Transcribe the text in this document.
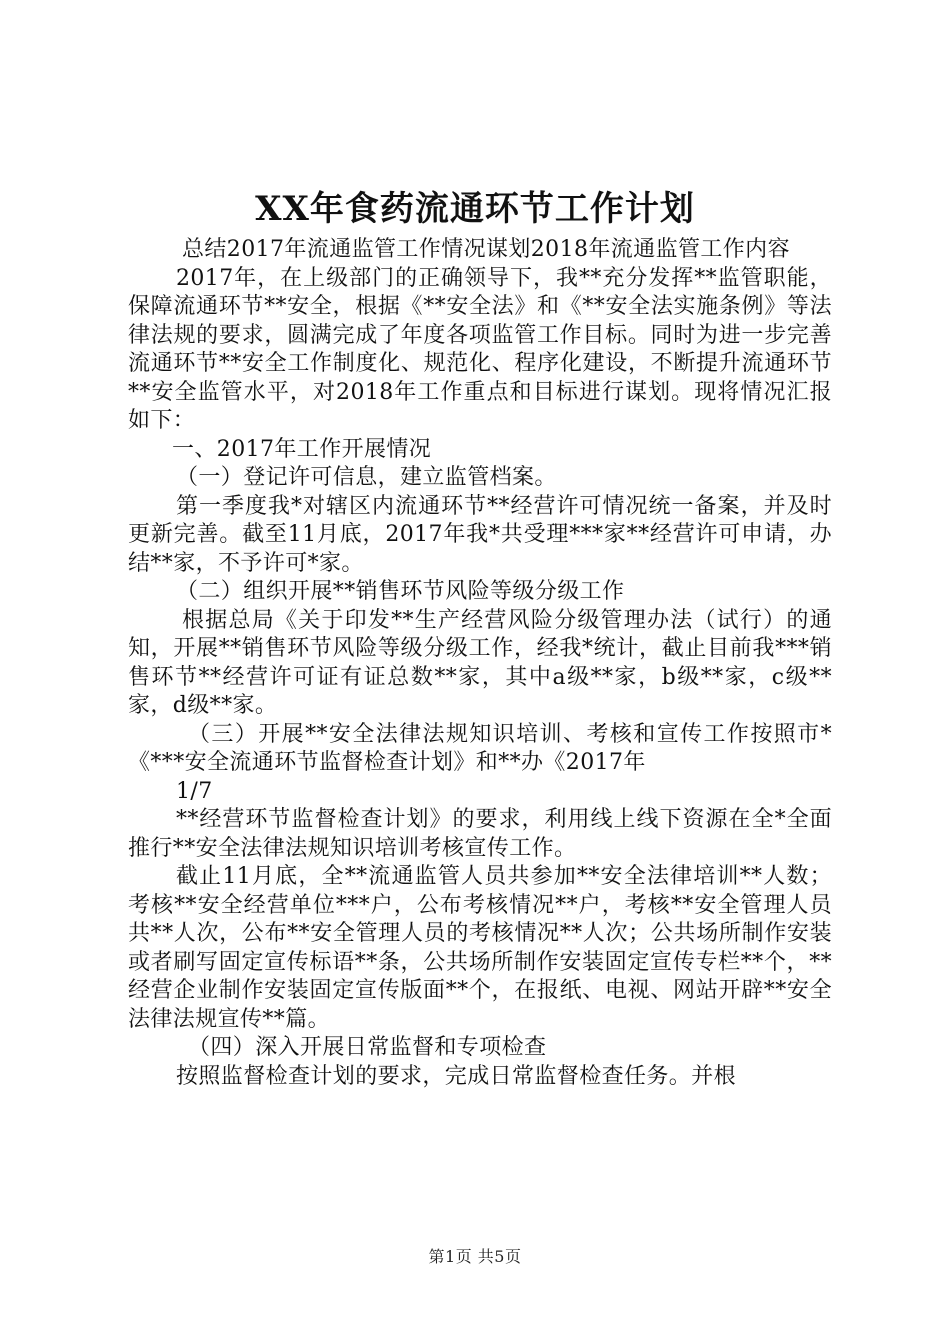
XX年食药流通环节工作计划

总结2017年流通监管工作情况谋划2018年流通监管工作内容

2017年，在上级部门的正确领导下，我**充分发挥**监管职能，保障流通环节**安全，根据《**安全法》和《**安全法实施条例》等法律法规的要求，圆满完成了年度各项监管工作目标。同时为进一步完善流通环节**安全工作制度化、规范化、程序化建设，不断提升流通环节**安全监管水平，对2018年工作重点和目标进行谋划。现将情况汇报如下：

一、2017年工作开展情况

（一）登记许可信息，建立监管档案。

第一季度我*对辖区内流通环节**经营许可情况统一备案，并及时更新完善。截至11月底，2017年我*共受理***家**经营许可申请，办结**家，不予许可*家。

（二）组织开展**销售环节风险等级分级工作

根据总局《关于印发**生产经营风险分级管理办法（试行）的通知，开展**销售环节风险等级分级工作，经我*统计，截止目前我***销售环节**经营许可证有证总数**家，其中a级**家，b级**家，c级**家，d级**家。

（三）开展**安全法律法规知识培训、考核和宣传工作按照市*《***安全流通环节监督检查计划》和**办《2017年

1/7

**经营环节监督检查计划》的要求，利用线上线下资源在全*全面推行**安全法律法规知识培训考核宣传工作。

截止11月底，全**流通监管人员共参加**安全法律培训**人数；考核**安全经营单位***户，公布考核情况**户，考核**安全管理人员共**人次，公布**安全管理人员的考核情况**人次；公共场所制作安装或者刷写固定宣传标语**条，公共场所制作安装固定宣传专栏**个，**经营企业制作安装固定宣传版面**个，在报纸、电视、网站开辟**安全法律法规宣传**篇。

（四）深入开展日常监督和专项检查

按照监督检查计划的要求，完成日常监督检查任务。并根

第1页 共5页
